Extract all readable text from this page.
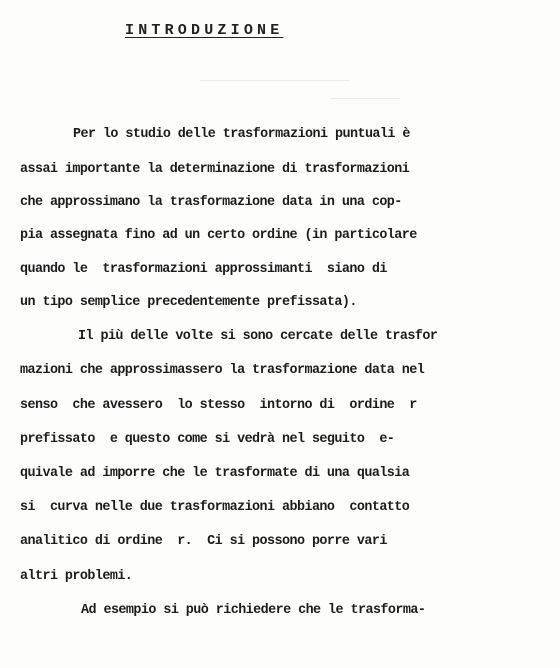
INTRODUZIONE
Per lo studio delle trasformazioni puntuali è
assai importante la determinazione di trasformazioni
che approssimano la trasformazione data in una cop-
pia assegnata fino ad un certo ordine (in particolare
quando le  trasformazioni approssimanti  siano di
un tipo semplice precedentemente prefissata).
Il più delle volte si sono cercate delle trasfor
mazioni che approssimassero la trasformazione data nel
senso  che avessero  lo stesso  intorno di  ordine  r
prefissato  e questo come si vedrà nel seguito  e-
quivale ad imporre che le trasformate di una qualsia
si  curva nelle due trasformazioni abbiano  contatto
analitico di ordine  r.  Ci si possono porre vari
altri problemi.
Ad esempio si può richiedere che le trasforma-
